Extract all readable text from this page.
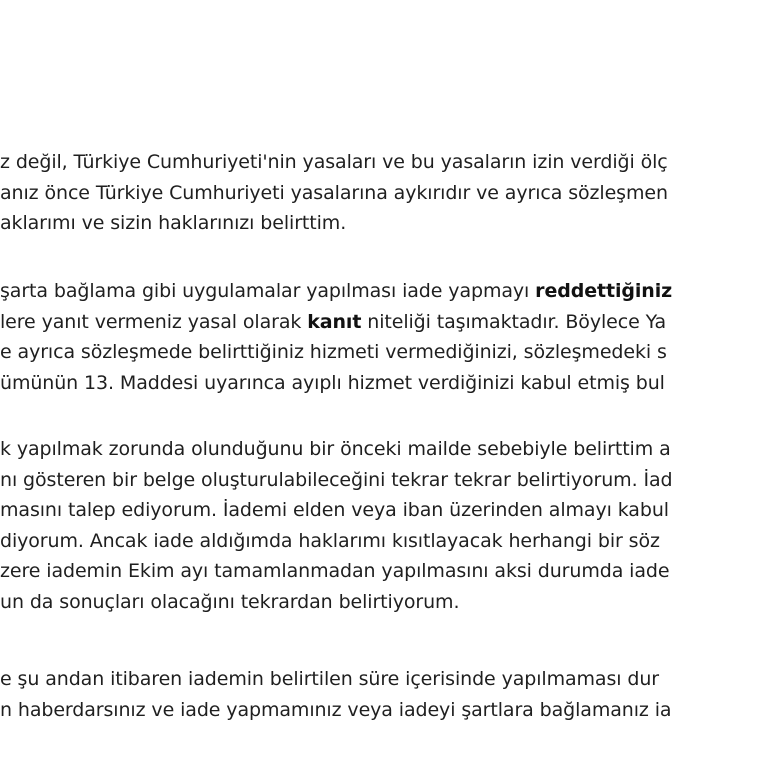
z değil, Türkiye Cumhuriyeti'nin yasaları ve bu yasaların izin verdiği ölç

anız önce Türkiye Cumhuriyeti yasalarına aykırıdır ve ayrıca sözleşmen

aklarımı ve sizin haklarınızı belirttim.

şarta bağlama gibi uygulamalar yapılması iade yapmayı reddettiğiniz

lere yanıt vermeniz yasal olarak kanıt niteliği taşımaktadır. Böylece Ya

e ayrıca sözleşmede belirttiğiniz hizmeti vermediğinizi, sözleşmedeki s

ümünün 13. Maddesi uyarınca ayıplı hizmet verdiğinizi kabul etmiş bul

k yapılmak zorunda olunduğunu bir önceki mailde sebebiyle belirttim a

nı gösteren bir belge oluşturulabileceğini tekrar tekrar belirtiyorum. İad

masını talep ediyorum. İademi elden veya iban üzerinden almayı kabul

diyorum. Ancak iade aldığımda haklarımı kısıtlayacak herhangi bir söz

zere iademin Ekim ayı tamamlanmadan yapılmasını aksi durumda iade

un da sonuçları olacağını tekrardan belirtiyorum.

e şu andan itibaren iademin belirtilen süre içerisinde yapılmaması dur

n haberdarsınız ve iade yapmamınız veya iadeyi şartlara bağlamanız ia
